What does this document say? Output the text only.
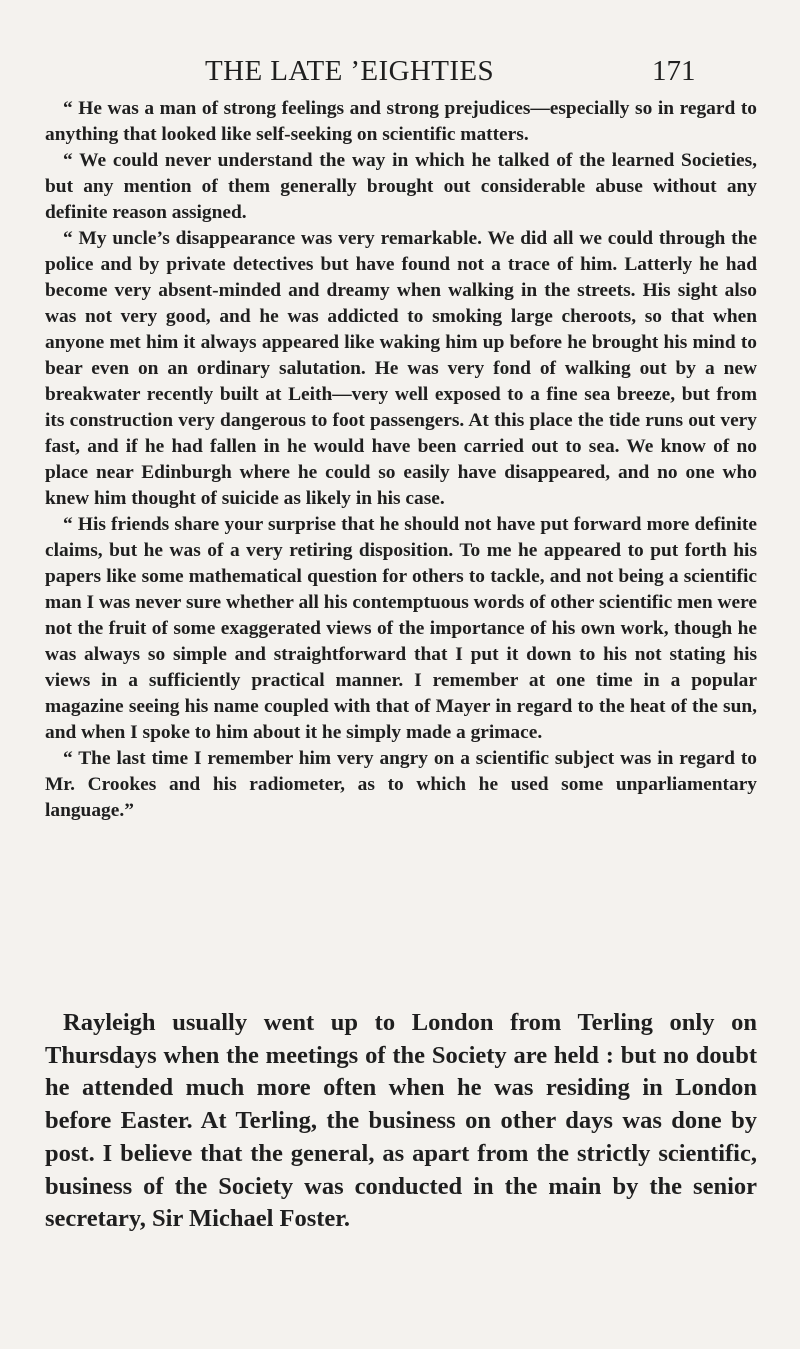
THE LATE ’EIGHTIES	171

“ He was a man of strong feelings and strong prejudices—especially so in regard to anything that looked like self-seeking on scientific matters.

“ We could never understand the way in which he talked of the learned Societies, but any mention of them generally brought out considerable abuse without any definite reason assigned.

“ My uncle’s disappearance was very remarkable. We did all we could through the police and by private detectives but have found not a trace of him. Latterly he had become very absent-minded and dreamy when walking in the streets. His sight also was not very good, and he was addicted to smoking large cheroots, so that when anyone met him it always appeared like waking him up before he brought his mind to bear even on an ordinary salutation. He was very fond of walking out by a new breakwater recently built at Leith—very well exposed to a fine sea breeze, but from its construction very dangerous to foot passengers. At this place the tide runs out very fast, and if he had fallen in he would have been carried out to sea. We know of no place near Edinburgh where he could so easily have disappeared, and no one who knew him thought of suicide as likely in his case.

“ His friends share your surprise that he should not have put forward more definite claims, but he was of a very retiring disposition. To me he appeared to put forth his papers like some mathematical question for others to tackle, and not being a scientific man I was never sure whether all his contemptuous words of other scientific men were not the fruit of some exaggerated views of the importance of his own work, though he was always so simple and straightforward that I put it down to his not stating his views in a sufficiently practical manner. I remember at one time in a popular magazine seeing his name coupled with that of Mayer in regard to the heat of the sun, and when I spoke to him about it he simply made a grimace.

“ The last time I remember him very angry on a scientific subject was in regard to Mr. Crookes and his radiometer, as to which he used some unparliamentary language.”

Rayleigh usually went up to London from Terling only on Thursdays when the meetings of the Society are held : but no doubt he attended much more often when he was residing in London before Easter. At Terling, the business on other days was done by post. I believe that the general, as apart from the strictly scientific, business of the Society was conducted in the main by the senior secretary, Sir Michael Foster.
